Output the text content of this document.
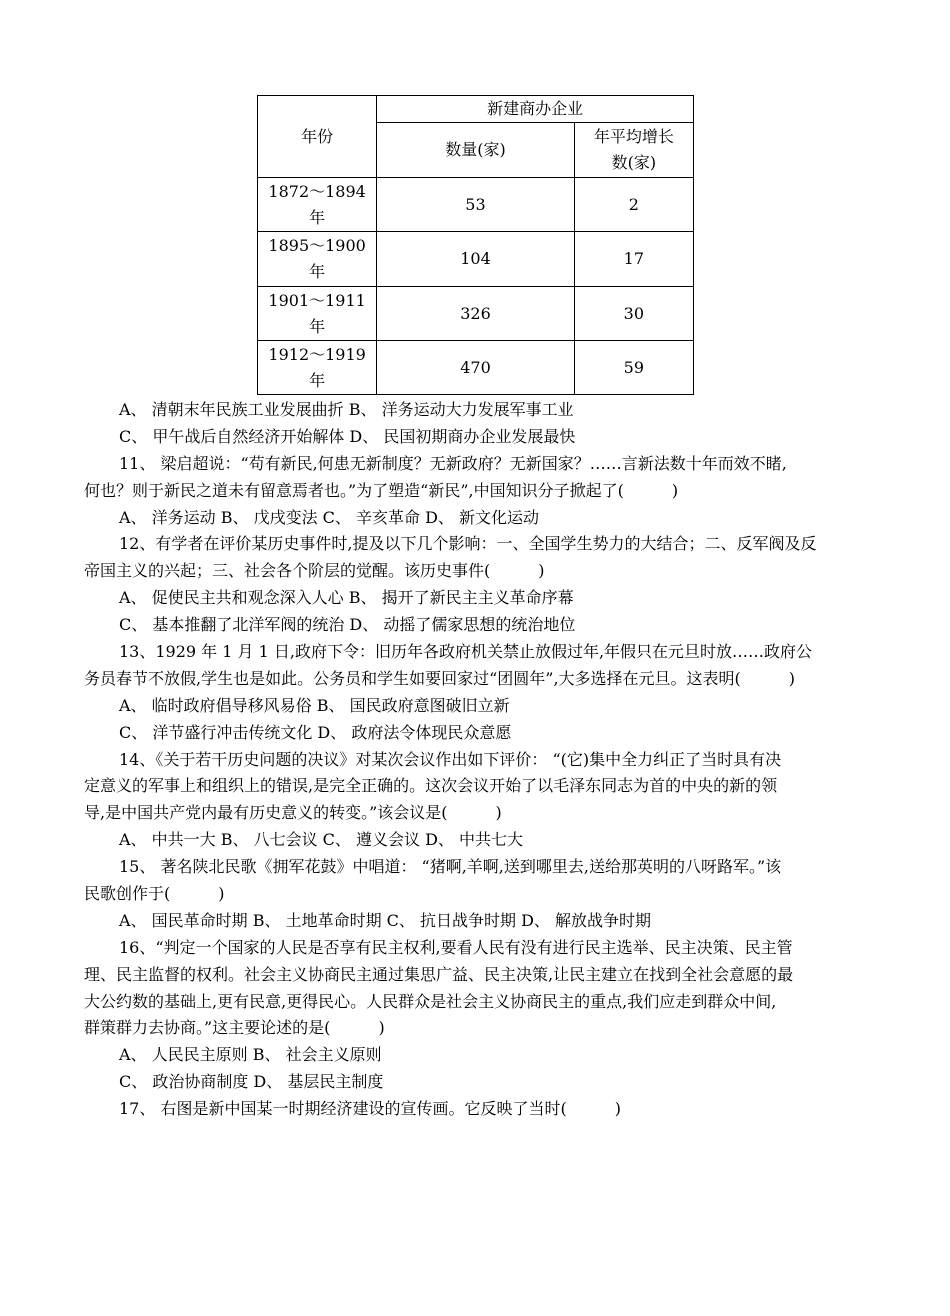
年份	新建商办企业	
	数量(家)	年平均增长
数(家)

1872～1894
年	53	2

1895～1900
年	104	17

1901～1911
年	326	30

1912～1919
年	470	59
A、 清朝末年民族工业发展曲折 B、 洋务运动大力发展军事工业
C、 甲午战后自然经济开始解体 D、 民国初期商办企业发展最快
11、 梁启超说：“苟有新民,何患无新制度？无新政府？无新国家？……言新法数十年而效不睹,
何也？则于新民之道未有留意焉者也。”为了塑造“新民”,中国知识分子掀起了(	)
A、 洋务运动 B、 戊戌变法 C、 辛亥革命 D、 新文化运动
12、有学者在评价某历史事件时,提及以下几个影响：一、全国学生势力的大结合；二、反军阀及反
帝国主义的兴起；三、社会各个阶层的觉醒。该历史事件(	)
A、 促使民主共和观念深入人心 B、 揭开了新民主主义革命序幕
C、 基本推翻了北洋军阀的统治 D、 动摇了儒家思想的统治地位
13、1929 年 1 月 1 日,政府下令：旧历年各政府机关禁止放假过年,年假只在元旦时放……政府公
务员春节不放假,学生也是如此。公务员和学生如要回家过“团圆年”,大多选择在元旦。这表明(	)
A、 临时政府倡导移风易俗 B、 国民政府意图破旧立新
C、 洋节盛行冲击传统文化 D、 政府法令体现民众意愿
14、《关于若干历史问题的决议》对某次会议作出如下评价： “(它)集中全力纠正了当时具有决
定意义的军事上和组织上的错误,是完全正确的。这次会议开始了以毛泽东同志为首的中央的新的领
导,是中国共产党内最有历史意义的转变。”该会议是(	)
A、 中共一大 B、 八七会议 C、 遵义会议 D、 中共七大
15、 著名陕北民歌《拥军花鼓》中唱道： “猪啊,羊啊,送到哪里去,送给那英明的八呀路军。”该
民歌创作于(	)
A、 国民革命时期 B、 土地革命时期 C、 抗日战争时期 D、 解放战争时期
16、“判定一个国家的人民是否享有民主权利,要看人民有没有进行民主选举、民主决策、民主管
理、民主监督的权利。社会主义协商民主通过集思广益、民主决策,让民主建立在找到全社会意愿的最
大公约数的基础上,更有民意,更得民心。人民群众是社会主义协商民主的重点,我们应走到群众中间,
群策群力去协商。”这主要论述的是(	)
A、 人民民主原则 B、 社会主义原则
C、 政治协商制度 D、 基层民主制度
17、 右图是新中国某一时期经济建设的宣传画。它反映了当时(	)
